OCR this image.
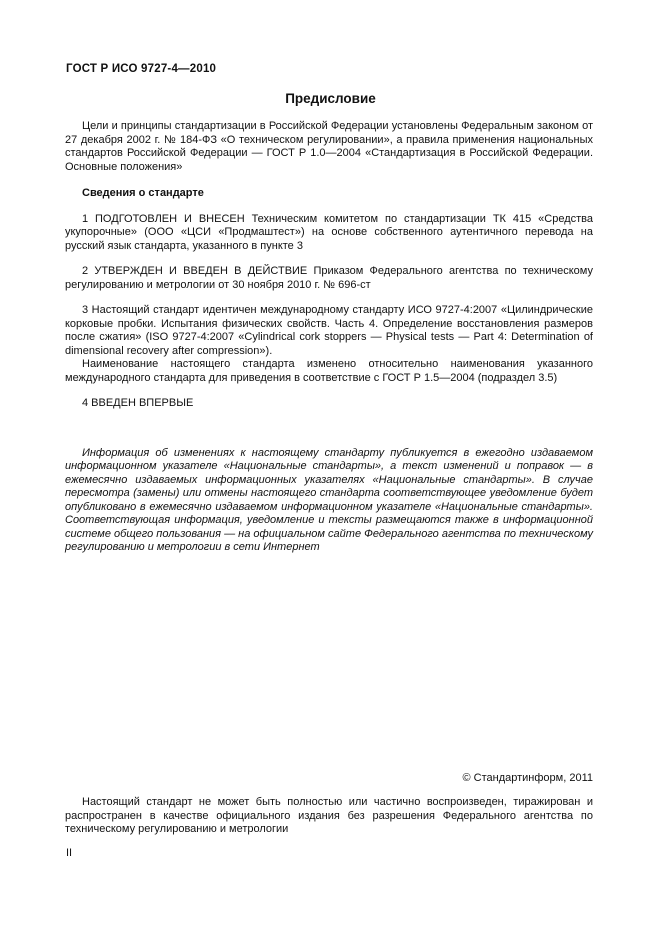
ГОСТ Р ИСО 9727-4—2010
Предисловие

Цели и принципы стандартизации в Российской Федерации установлены Федеральным законом от 27 декабря 2002 г. № 184-ФЗ «О техническом регулировании», а правила применения национальных стандартов Российской Федерации — ГОСТ Р 1.0—2004 «Стандартизация в Российской Федерации. Основные положения»

Сведения о стандарте

1 ПОДГОТОВЛЕН И ВНЕСЕН Техническим комитетом по стандартизации ТК 415 «Средства укупорочные» (ООО «ЦСИ «Продмаштест») на основе собственного аутентичного перевода на русский язык стандарта, указанного в пункте 3

2 УТВЕРЖДЕН И ВВЕДЕН В ДЕЙСТВИЕ Приказом Федерального агентства по техническому регулированию и метрологии от 30 ноября 2010 г. № 696-ст

3 Настоящий стандарт идентичен международному стандарту ИСО 9727-4:2007 «Цилиндрические корковые пробки. Испытания физических свойств. Часть 4. Определение восстановления размеров после сжатия» (ISO 9727-4:2007 «Cylindrical cork stoppers — Physical tests — Part 4: Determination of dimensional recovery after compression»).

Наименование настоящего стандарта изменено относительно наименования указанного международного стандарта для приведения в соответствие с ГОСТ Р 1.5—2004 (подраздел 3.5)

4 ВВЕДЕН ВПЕРВЫЕ

Информация об изменениях к настоящему стандарту публикуется в ежегодно издаваемом информационном указателе «Национальные стандарты», а текст изменений и поправок — в ежемесячно издаваемых информационных указателях «Национальные стандарты». В случае пересмотра (замены) или отмены настоящего стандарта соответствующее уведомление будет опубликовано в ежемесячно издаваемом информационном указателе «Национальные стандарты». Соответствующая информация, уведомление и тексты размещаются также в информационной системе общего пользования — на официальном сайте Федерального агентства по техническому регулированию и метрологии в сети Интернет

© Стандартинформ, 2011

Настоящий стандарт не может быть полностью или частично воспроизведен, тиражирован и распространен в качестве официального издания без разрешения Федерального агентства по техническому регулированию и метрологии

II
